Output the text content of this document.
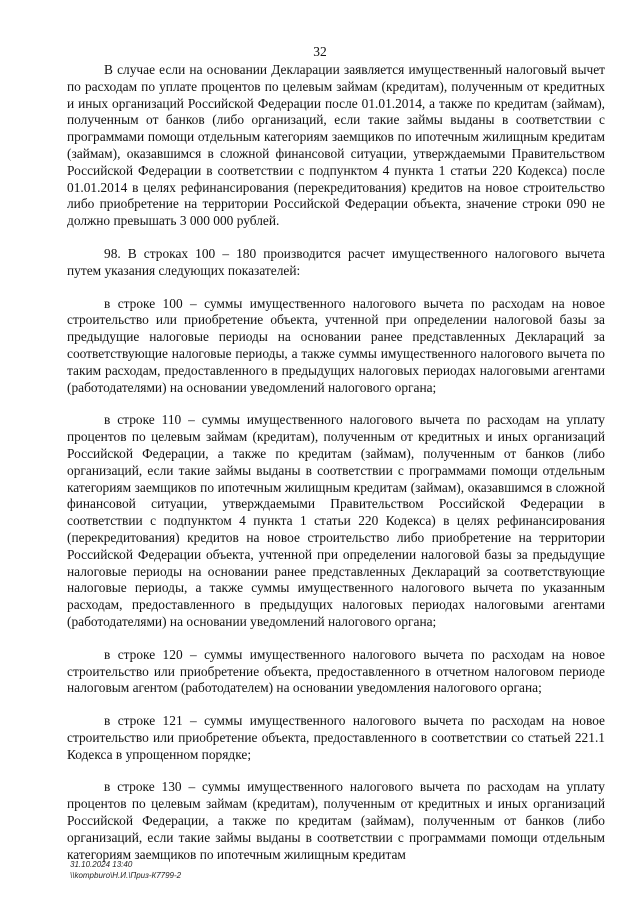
32

В случае если на основании Декларации заявляется имущественный налоговый вычет по расходам по уплате процентов по целевым займам (кредитам), полученным от кредитных и иных организаций Российской Федерации после 01.01.2014, а также по кредитам (займам), полученным от банков (либо организаций, если такие займы выданы в соответствии с программами помощи отдельным категориям заемщиков по ипотечным жилищным кредитам (займам), оказавшимся в сложной финансовой ситуации, утверждаемыми Правительством Российской Федерации в соответствии с подпунктом 4 пункта 1 статьи 220 Кодекса) после 01.01.2014 в целях рефинансирования (перекредитования) кредитов на новое строительство либо приобретение на территории Российской Федерации объекта, значение строки 090 не должно превышать 3 000 000 рублей.

98. В строках 100 – 180 производится расчет имущественного налогового вычета путем указания следующих показателей:

в строке 100 – суммы имущественного налогового вычета по расходам на новое строительство или приобретение объекта, учтенной при определении налоговой базы за предыдущие налоговые периоды на основании ранее представленных Деклараций за соответствующие налоговые периоды, а также суммы имущественного налогового вычета по таким расходам, предоставленного в предыдущих налоговых периодах налоговыми агентами (работодателями) на основании уведомлений налогового органа;

в строке 110 – суммы имущественного налогового вычета по расходам на уплату процентов по целевым займам (кредитам), полученным от кредитных и иных организаций Российской Федерации, а также по кредитам (займам), полученным от банков (либо организаций, если такие займы выданы в соответствии с программами помощи отдельным категориям заемщиков по ипотечным жилищным кредитам (займам), оказавшимся в сложной финансовой ситуации, утверждаемыми Правительством Российской Федерации в соответствии с подпунктом 4 пункта 1 статьи 220 Кодекса) в целях рефинансирования (перекредитования) кредитов на новое строительство либо приобретение на территории Российской Федерации объекта, учтенной при определении налоговой базы за предыдущие налоговые периоды на основании ранее представленных Деклараций за соответствующие налоговые периоды, а также суммы имущественного налогового вычета по указанным расходам, предоставленного в предыдущих налоговых периодах налоговыми агентами (работодателями) на основании уведомлений налогового органа;

в строке 120 – суммы имущественного налогового вычета по расходам на новое строительство или приобретение объекта, предоставленного в отчетном налоговом периоде налоговым агентом (работодателем) на основании уведомления налогового органа;

в строке 121 – суммы имущественного налогового вычета по расходам на новое строительство или приобретение объекта, предоставленного в соответствии со статьей 221.1 Кодекса в упрощенном порядке;

в строке 130 – суммы имущественного налогового вычета по расходам на уплату процентов по целевым займам (кредитам), полученным от кредитных и иных организаций Российской Федерации, а также по кредитам (займам), полученным от банков (либо организаций, если такие займы выданы в соответствии с программами помощи отдельным категориям заемщиков по ипотечным жилищным кредитам

31.10.2024 13:40
\\kompburo\Н.И.\Приз-К7799-2
